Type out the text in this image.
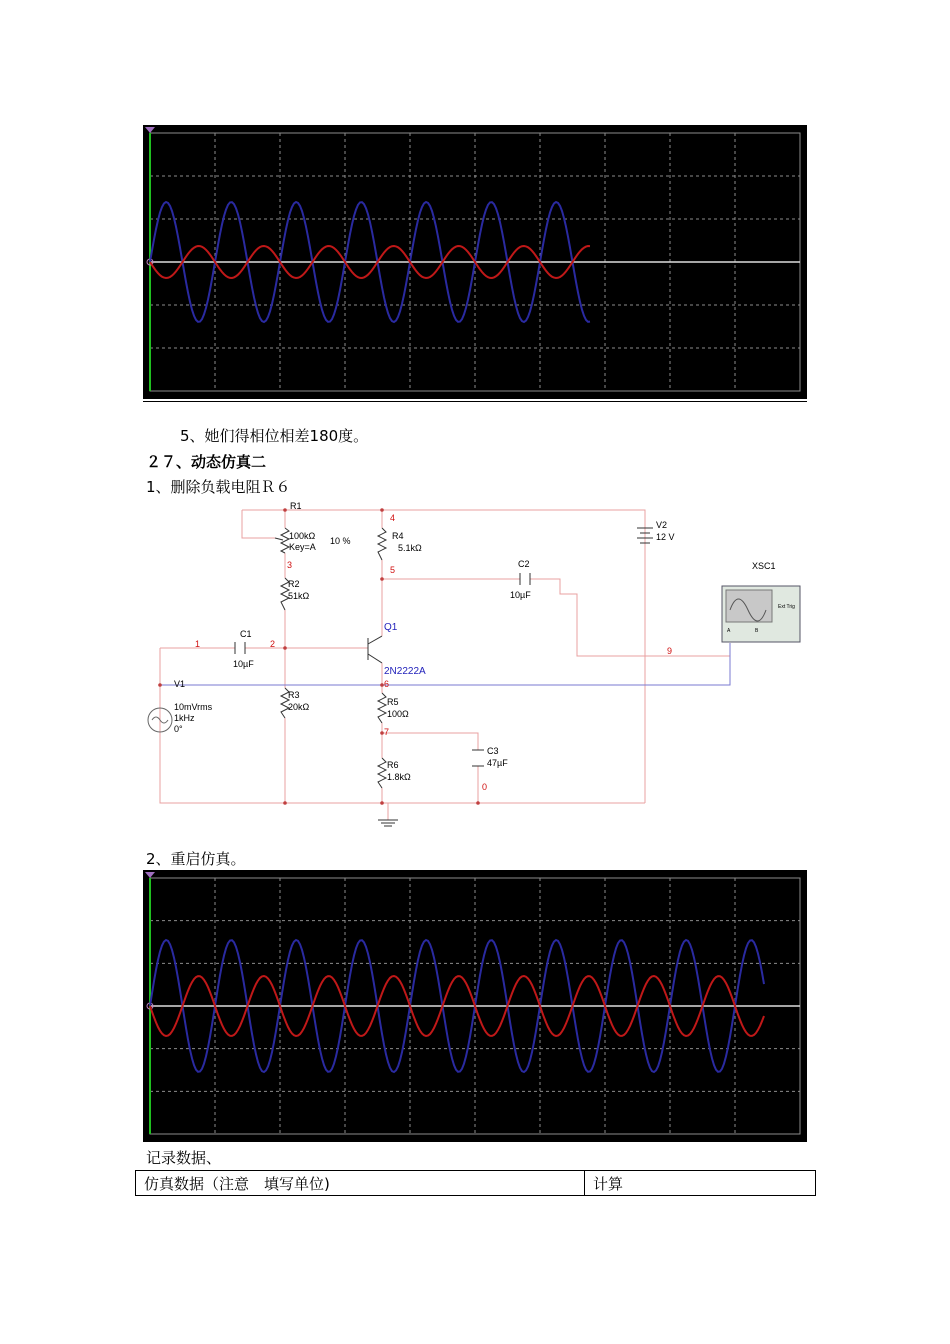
5、她们得相位相差180度。
２７、动态仿真二
1、删除负载电阻Ｒ６
R1
100kΩ
Key=A
10 %
R2
51kΩ
R3
20kΩ
R4
5.1kΩ
R5
100Ω
R6
1.8kΩ
C1
10µF
C2
10µF
C3
47µF
V2
12 V
V1
10mVrms
1kHz
0°
XSC1
Ext Trig
A	B
Q1
2N2222A
1	2
3
4
5
6
7
9
0
2、重启仿真。
记录数据、
仿真数据（注意　填写单位)	计算
